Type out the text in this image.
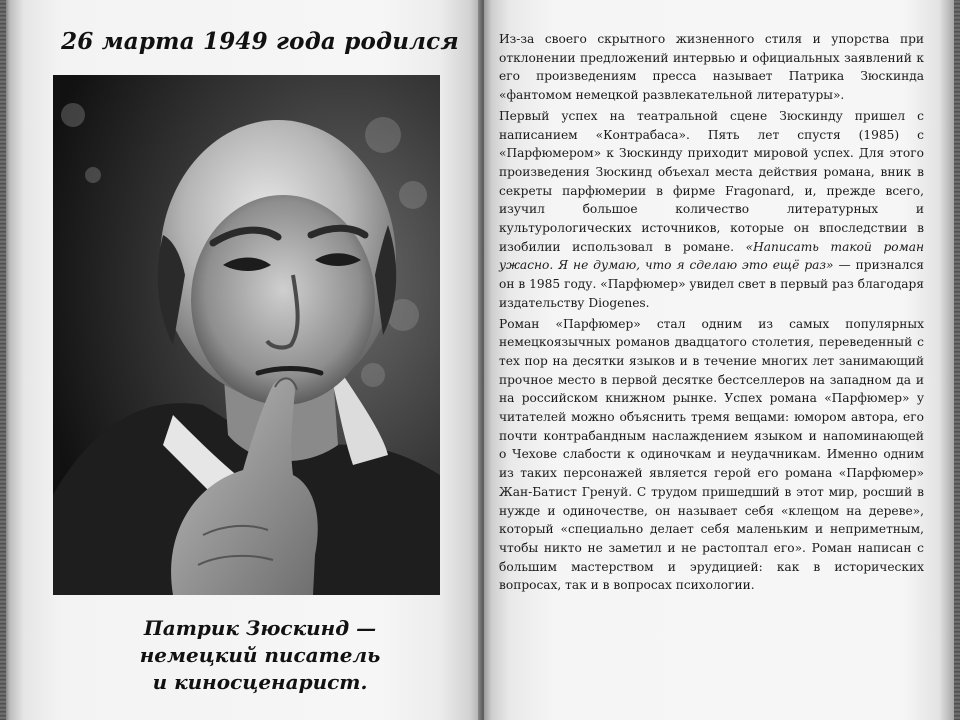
26 марта 1949 года родился
Патрик Зюскинд —
немецкий писатель
и киносценарист.

Из-за своего скрытного жизненного стиля и упорства при отклонении предложений интервью и официальных заявлений к его произведениям пресса называет Патрика Зюскинда «фантомом немецкой развлекательной литературы».

Первый успех на театральной сцене Зюскинду пришел с написанием «Контрабаса». Пять лет спустя (1985) с «Парфюмером» к Зюскинду приходит мировой успех. Для этого произведения Зюскинд объехал места действия романа, вник в секреты парфюмерии в фирме Fragonard, и, прежде всего, изучил большое количество литературных и культурологических источников, которые он впоследствии в изобилии использовал в романе. «Написать такой роман ужасно. Я не думаю, что я сделаю это ещё раз» — признался он в 1985 году. «Парфюмер» увидел свет в первый раз благодаря издательству Diogenes.

Роман «Парфюмер» стал одним из самых популярных немецкоязычных романов двадцатого столетия, переведенный с тех пор на десятки языков и в течение многих лет занимающий прочное место в первой десятке бестселлеров на западном да и на российском книжном рынке. Успех романа «Парфюмер» у читателей можно объяснить тремя вещами: юмором автора, его почти контрабандным наслаждением языком и напоминающей о Чехове слабости к одиночкам и неудачникам. Именно одним из таких персонажей является герой его романа «Парфюмер» Жан-Батист Гренуй. С трудом пришедший в этот мир, росший в нужде и одиночестве, он называет себя «клещом на дереве», который «специально делает себя маленьким и неприметным, чтобы никто не заметил и не растоптал его». Роман написан с большим мастерством и эрудицией: как в исторических вопросах, так и в вопросах психологии.
